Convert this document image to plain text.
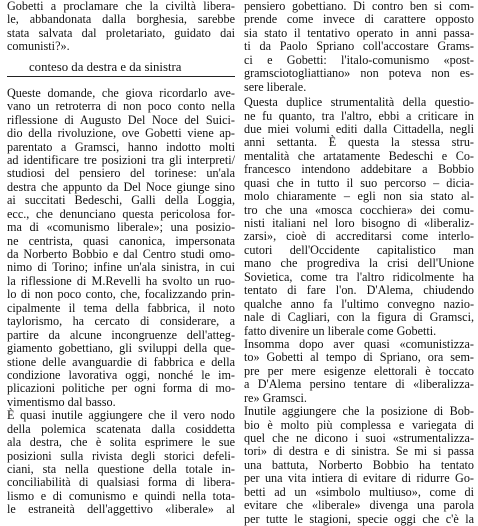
Gobetti a proclamare che la civiltà libera-
le, abbandonata dalla borghesia, sarebbe
stata salvata dal proletariato, guidato dai
comunisti?».
conteso da destra e da sinistra
Queste domande, che giova ricordarlo ave-
vano un retroterra di non poco conto nella
riflessione di Augusto Del Noce del Suici-
dio della rivoluzione, ove Gobetti viene ap-
parentato a Gramsci, hanno indotto molti
ad identificare tre posizioni tra gli interpreti/
studiosi del pensiero del torinese: un'ala
destra che appunto da Del Noce giunge sino
ai succitati Bedeschi, Galli della Loggia,
ecc., che denunciano questa pericolosa for-
ma di «comunismo liberale»; una posizio-
ne centrista, quasi canonica, impersonata
da Norberto Bobbio e dal Centro studi omo-
nimo di Torino; infine un'ala sinistra, in cui
la riflessione di M.Revelli ha svolto un ruo-
lo di non poco conto, che, focalizzando prin-
cipalmente il tema della fabbrica, il noto
taylorismo, ha cercato di considerare, a
partire da alcune incongruenze dell'atteg-
giamento gobettiano, gli sviluppi della que-
stione delle avanguardie di fabbrica e della
condizione lavorativa oggi, nonché le im-
plicazioni politiche per ogni forma di mo-
vimentismo dal basso.
È quasi inutile aggiungere che il vero nodo
della polemica scatenata dalla cosiddetta
ala destra, che è solita esprimere le sue
posizioni sulla rivista degli storici defeli-
ciani, sta nella questione della totale in-
conciliabilità di qualsiasi forma di libera-
lismo e di comunismo e quindi nella tota-
le estraneità dell'aggettivo «liberale» al
pensiero gobettiano. Di contro ben si com-
prende come invece di carattere opposto
sia stato il tentativo operato in anni passa-
ti da Paolo Spriano coll'accostare Grams-
ci e Gobetti: l'italo-comunismo «post-
gramsciotogliattiano» non poteva non es-
sere liberale.
Questa duplice strumentalità della questio-
ne fu quanto, tra l'altro, ebbi a criticare in
due miei volumi editi dalla Cittadella, negli
anni settanta. È questa la stessa stru-
mentalità che artatamente Bedeschi e Co-
francesco intendono addebitare a Bobbio
quasi che in tutto il suo percorso – dicia-
molo chiaramente – egli non sia stato al-
tro che una «mosca cocchiera» dei comu-
nisti italiani nel loro bisogno di «liberaliz-
zarsi», cioè di accreditarsi come interlo-
cutori dell'Occidente capitalistico man
mano che progrediva la crisi dell'Unione
Sovietica, come tra l'altro ridicolmente ha
tentato di fare l'on. D'Alema, chiudendo
qualche anno fa l'ultimo convegno nazio-
nale di Cagliari, con la figura di Gramsci,
fatto divenire un liberale come Gobetti.
Insomma dopo aver quasi «comunistizza-
to» Gobetti al tempo di Spriano, ora sem-
pre per mere esigenze elettorali è toccato
a D'Alema persino tentare di «liberalizza-
re» Gramsci.
Inutile aggiungere che la posizione di Bob-
bio è molto più complessa e variegata di
quel che ne dicono i suoi «strumentalizza-
tori» di destra e di sinistra. Se mi si passa
una battuta, Norberto Bobbio ha tentato
per una vita intiera di evitare di ridurre Go-
betti ad un «simbolo multiuso», come di
evitare che «liberale» divenga una parola
per tutte le stagioni, specie oggi che c'è la
